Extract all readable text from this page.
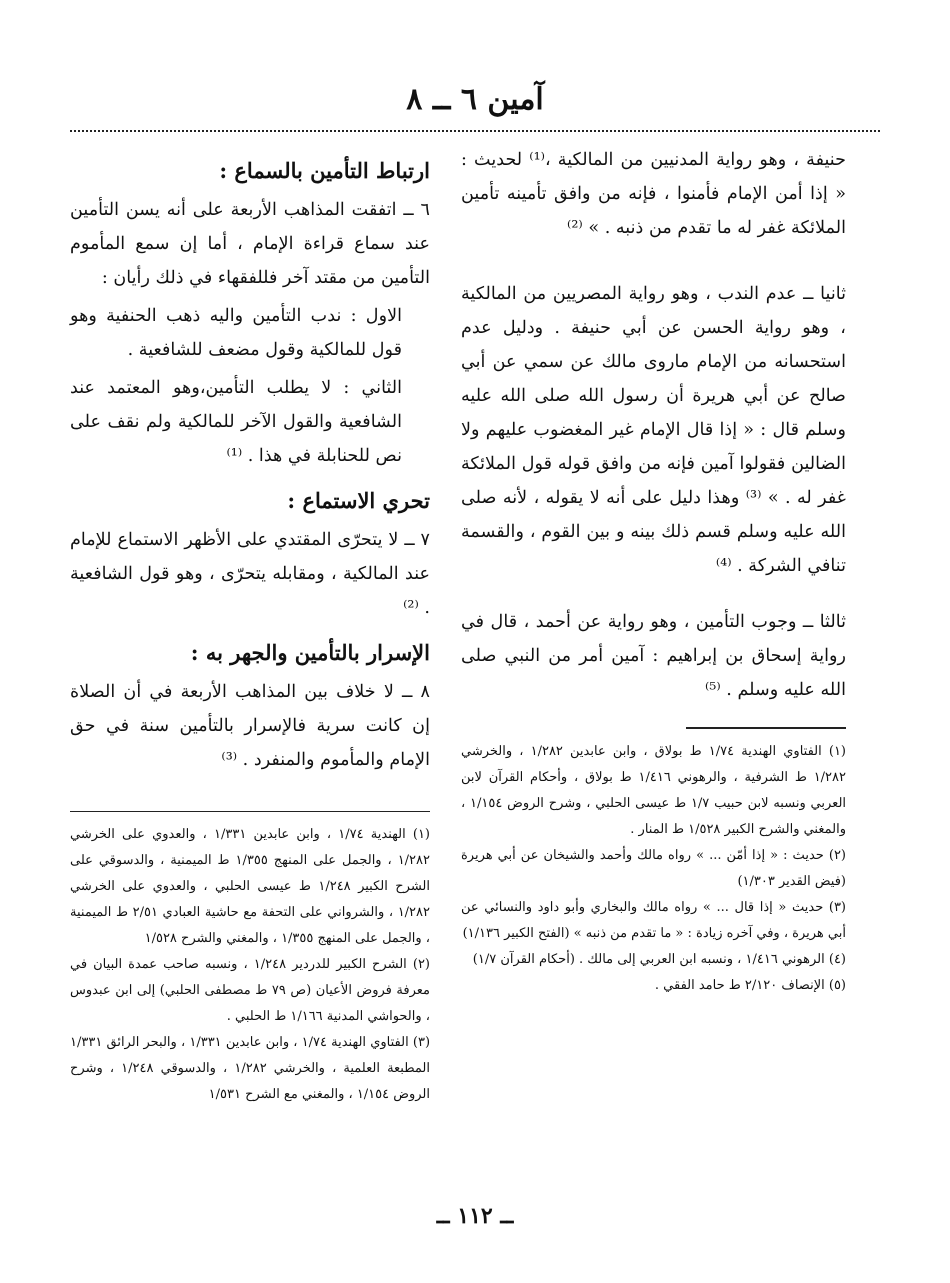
آمين ٦ ــ ٨

حنيفة ، وهو رواية المدنيين من المالكية ،⁽¹⁾ لحديث : « إذا أمن الإمام فأمنوا ، فإنه من وافق تأمينه تأمين الملائكة غفر له ما تقدم من ذنبه . » ⁽²⁾

ثانيا ــ عدم الندب ، وهو رواية المصريين من المالكية ، وهو رواية الحسن عن أبي حنيفة . ودليل عدم استحسانه من الإمام ماروى مالك عن سمي عن أبي صالح عن أبي هريرة أن رسول الله صلى الله عليه وسلم قال : « إذا قال الإمام غير المغضوب عليهم ولا الضالين فقولوا آمين فإنه من وافق قوله قول الملائكة غفر له . » ⁽³⁾ وهذا دليل على أنه لا يقوله ، لأنه صلى الله عليه وسلم قسم ذلك بينه و بين القوم ، والقسمة تنافي الشركة . ⁽⁴⁾

ثالثا ــ وجوب التأمين ، وهو رواية عن أحمد ، قال في رواية إسحاق بن إبراهيم : آمين أمر من النبي صلى الله عليه وسلم . ⁽⁵⁾

(١) الفتاوي الهندية ١/٧٤ ط بولاق ، وابن عابدين ١/٢٨٢ ، والخرشي ١/٢٨٢ ط الشرفية ، والرهوني ١/٤١٦ ط بولاق ، وأحكام القرآن لابن العربي ونسبه لابن حبيب ١/٧ ط عيسى الحلبي ، وشرح الروض ١/١٥٤ ، والمغني والشرح الكبير ١/٥٢٨ ط المنار .
(٢) حديث : « إذا أمّن ... » رواه مالك وأحمد والشيخان عن أبي هريرة (فيض القدير ١/٣٠٣)
(٣) حديث « إذا قال ... » رواه مالك والبخاري وأبو داود والنسائي عن أبي هريرة ، وفي آخره زيادة : « ما تقدم من ذنبه » (الفتح الكبير ١/١٣٦)
(٤) الرهوني ١/٤١٦ ، ونسبه ابن العربي إلى مالك . (أحكام القرآن ١/٧)
(٥) الإنصاف ٢/١٢٠ ط حامد الفقي .
ارتباط التأمين بالسماع :

٦ ــ اتفقت المذاهب الأربعة على أنه يسن التأمين عند سماع قراءة الإمام ، أما إن سمع المأموم التأمين من مقتد آخر فللفقهاء في ذلك رأيان :

الاول : ندب التأمين واليه ذهب الحنفية وهو قول للمالكية وقول مضعف للشافعية .

الثاني : لا يطلب التأمين،وهو المعتمد عند الشافعية والقول الآخر للمالكية ولم نقف على نص للحنابلة في هذا . ⁽¹⁾

تحري الاستماع :

٧ ــ لا يتحرّى المقتدي على الأظهر الاستماع للإمام عند المالكية ، ومقابله يتحرّى ، وهو قول الشافعية . ⁽²⁾

الإسرار بالتأمين والجهر به :

٨ ــ لا خلاف بين المذاهب الأربعة في أن الصلاة إن كانت سرية فالإسرار بالتأمين سنة في حق الإمام والمأموم والمنفرد . ⁽³⁾

(١) الهندية ١/٧٤ ، وابن عابدين ١/٣٣١ ، والعدوي على الخرشي ١/٢٨٢ ، والجمل على المنهج ١/٣٥٥ ط الميمنية ، والدسوقي على الشرح الكبير ١/٢٤٨ ط عيسى الحلبي ، والعدوي على الخرشي ١/٢٨٢ ، والشرواني على التحفة مع حاشية العبادي ٢/٥١ ط الميمنية ، والجمل على المنهج ١/٣٥٥ ، والمغني والشرح ١/٥٢٨
(٢) الشرح الكبير للدردير ١/٢٤٨ ، ونسبه صاحب عمدة البيان في معرفة فروض الأعيان (ص ٧٩ ط مصطفى الحلبي) إلى ابن عبدوس ، والحواشي المدنية ١/١٦٦ ط الحلبي .
(٣) الفتاوي الهندية ١/٧٤ ، وابن عابدين ١/٣٣١ ، والبحر الرائق ١/٣٣١ المطبعة العلمية ، والخرشي ١/٢٨٢ ، والدسوقي ١/٢٤٨ ، وشرح الروض ١/١٥٤ ، والمغني مع الشرح ١/٥٣١
ــ ١١٢ ــ
